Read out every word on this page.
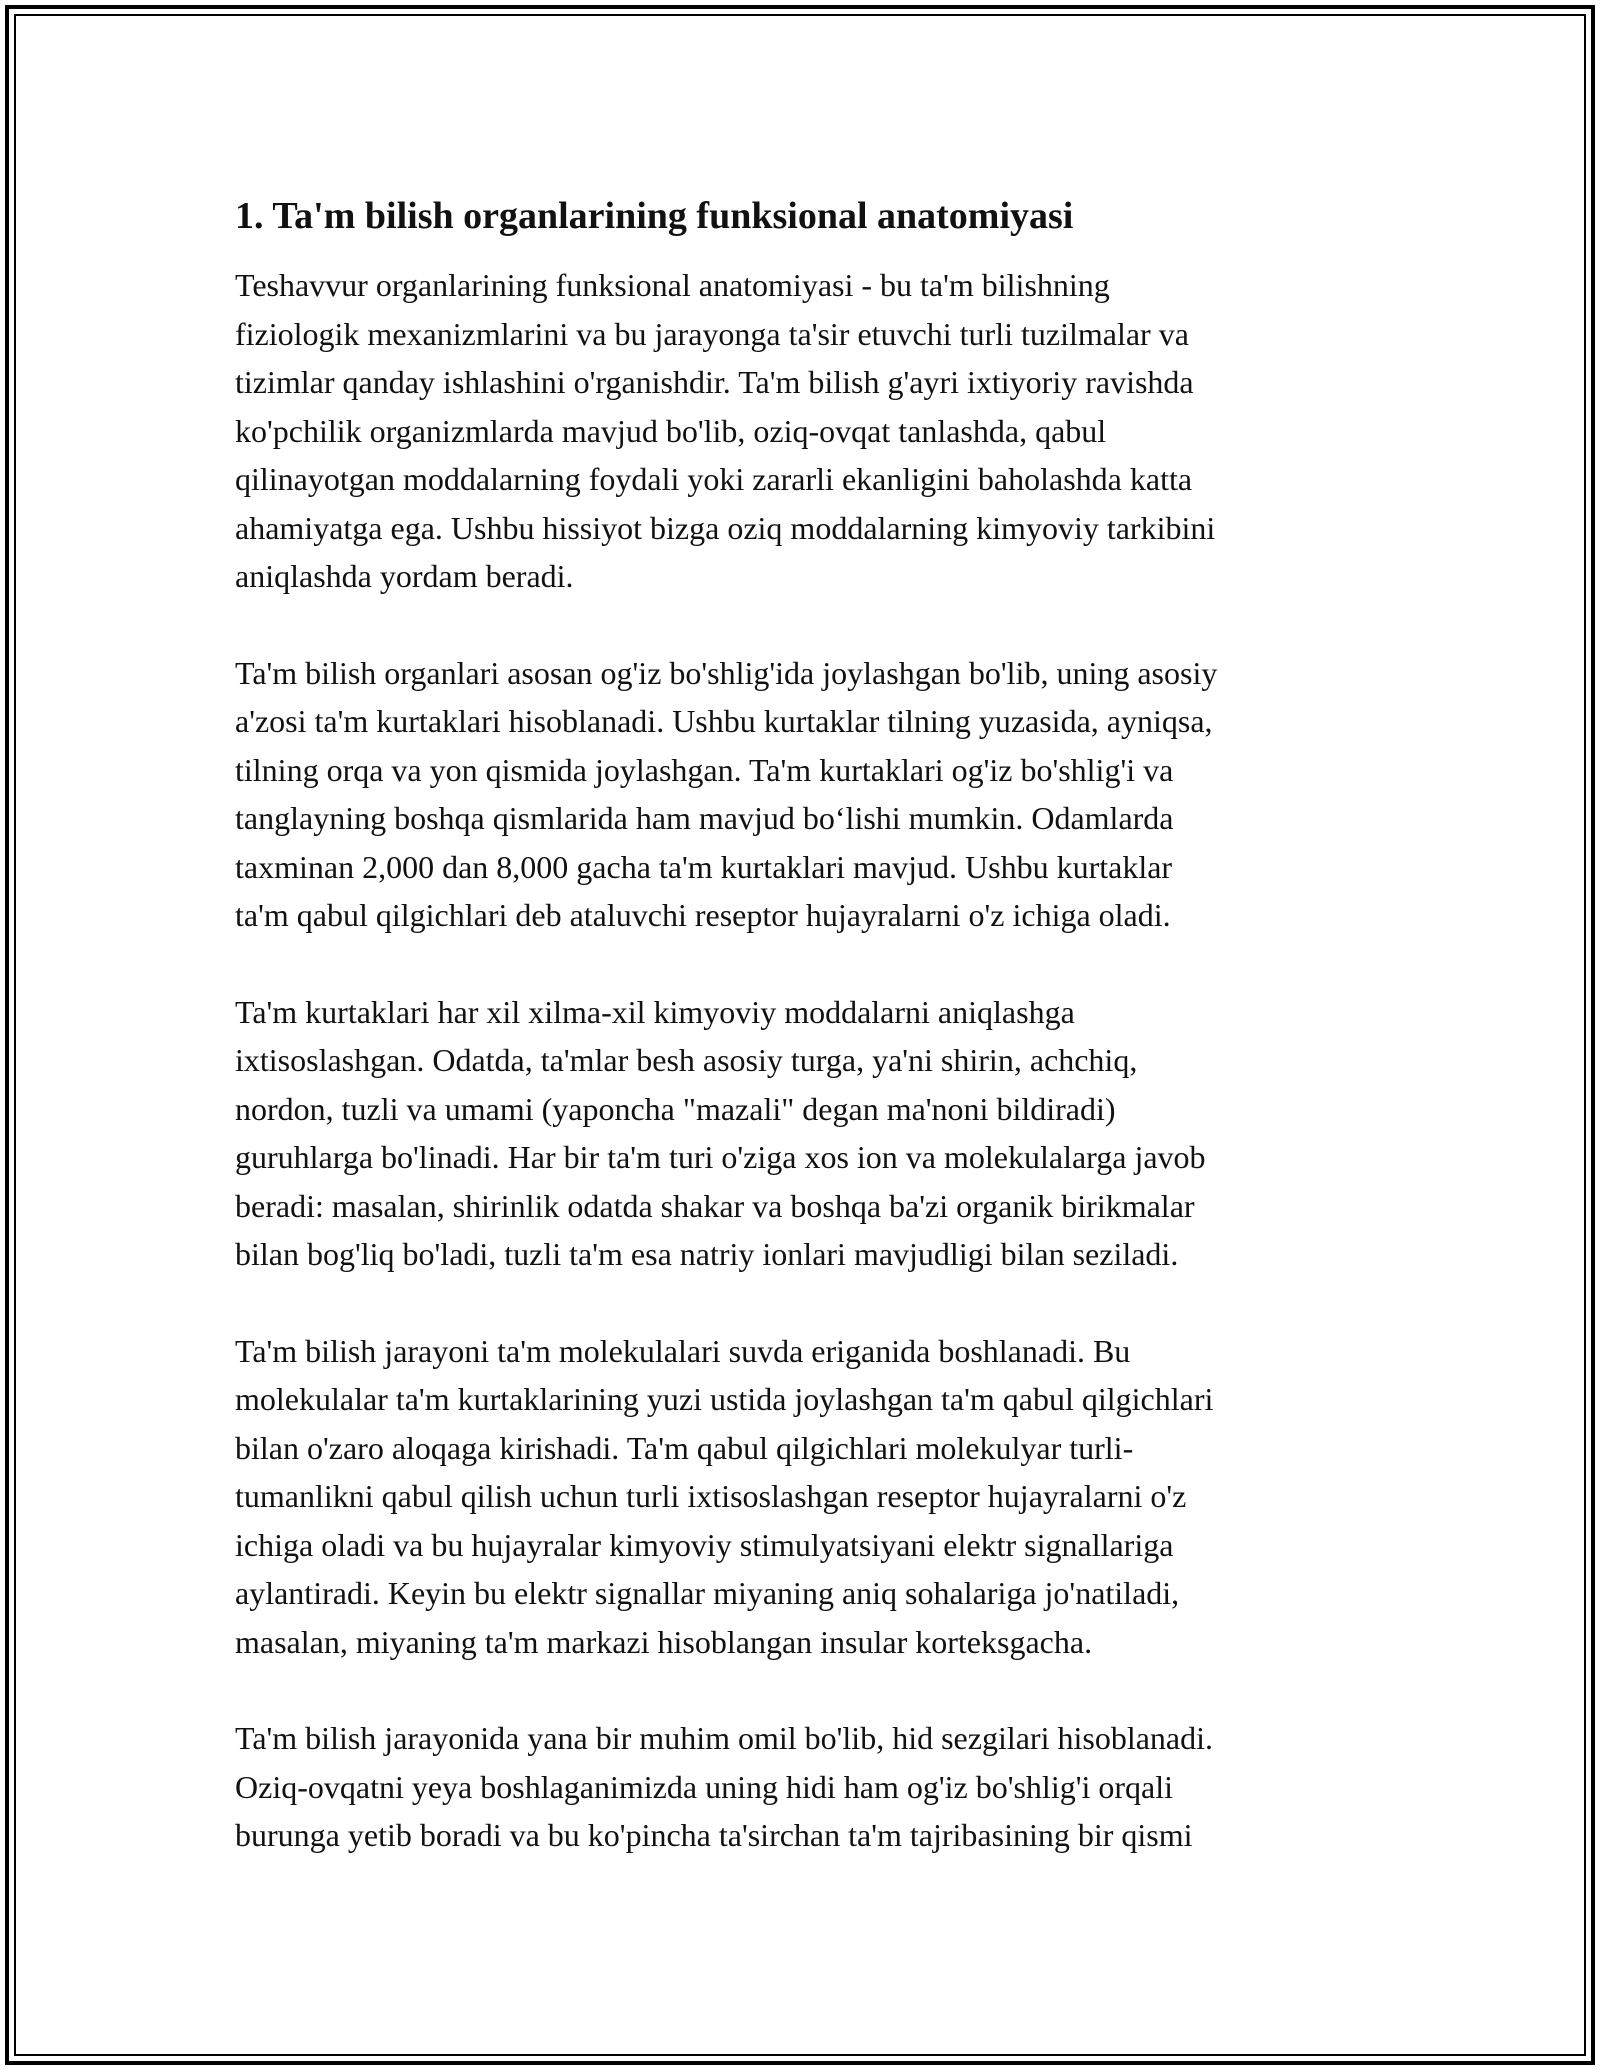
1. Ta'm bilish organlarining funksional anatomiyasi

Teshavvur organlarining funksional anatomiyasi - bu ta'm bilishning
fiziologik mexanizmlarini va bu jarayonga ta'sir etuvchi turli tuzilmalar va
tizimlar qanday ishlashini o'rganishdir. Ta'm bilish g'ayri ixtiyoriy ravishda
ko'pchilik organizmlarda mavjud bo'lib, oziq-ovqat tanlashda, qabul
qilinayotgan moddalarning foydali yoki zararli ekanligini baholashda katta
ahamiyatga ega. Ushbu hissiyot bizga oziq moddalarning kimyoviy tarkibini
aniqlashda yordam beradi.

Ta'm bilish organlari asosan og'iz bo'shlig'ida joylashgan bo'lib, uning asosiy
a'zosi ta'm kurtaklari hisoblanadi. Ushbu kurtaklar tilning yuzasida, ayniqsa,
tilning orqa va yon qismida joylashgan. Ta'm kurtaklari og'iz bo'shlig'i va
tanglayning boshqa qismlarida ham mavjud bo‘lishi mumkin. Odamlarda
taxminan 2,000 dan 8,000 gacha ta'm kurtaklari mavjud. Ushbu kurtaklar
ta'm qabul qilgichlari deb ataluvchi reseptor hujayralarni o'z ichiga oladi.

Ta'm kurtaklari har xil xilma-xil kimyoviy moddalarni aniqlashga
ixtisoslashgan. Odatda, ta'mlar besh asosiy turga, ya'ni shirin, achchiq,
nordon, tuzli va umami (yaponcha "mazali" degan ma'noni bildiradi)
guruhlarga bo'linadi. Har bir ta'm turi o'ziga xos ion va molekulalarga javob
beradi: masalan, shirinlik odatda shakar va boshqa ba'zi organik birikmalar
bilan bog'liq bo'ladi, tuzli ta'm esa natriy ionlari mavjudligi bilan seziladi.

Ta'm bilish jarayoni ta'm molekulalari suvda eriganida boshlanadi. Bu
molekulalar ta'm kurtaklarining yuzi ustida joylashgan ta'm qabul qilgichlari
bilan o'zaro aloqaga kirishadi. Ta'm qabul qilgichlari molekulyar turli-
tumanlikni qabul qilish uchun turli ixtisoslashgan reseptor hujayralarni o'z
ichiga oladi va bu hujayralar kimyoviy stimulyatsiyani elektr signallariga
aylantiradi. Keyin bu elektr signallar miyaning aniq sohalariga jo'natiladi,
masalan, miyaning ta'm markazi hisoblangan insular korteksgacha.

Ta'm bilish jarayonida yana bir muhim omil bo'lib, hid sezgilari hisoblanadi.
Oziq-ovqatni yeya boshlaganimizda uning hidi ham og'iz bo'shlig'i orqali
burunga yetib boradi va bu ko'pincha ta'sirchan ta'm tajribasining bir qismi
